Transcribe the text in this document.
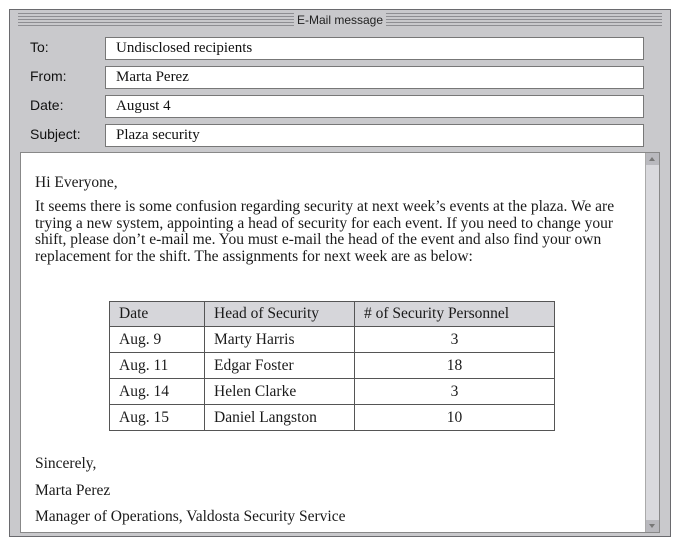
E-Mail message
To:	Undisclosed recipients
From:	Marta Perez
Date:	August 4
Subject:	Plaza security
Hi Everyone,

It seems there is some confusion regarding security at next week’s events at the plaza. We are trying a new system, appointing a head of security for each event. If you need to change your shift, please don’t e-mail me. You must e-mail the head of the event and also find your own replacement for the shift. The assignments for next week are as below:

Date	Head of Security	# of Security Personnel
Aug. 9	Marty Harris	3
Aug. 11	Edgar Foster	18
Aug. 14	Helen Clarke	3
Aug. 15	Daniel Langston	10
Sincerely,
Marta Perez
Manager of Operations, Valdosta Security Service
